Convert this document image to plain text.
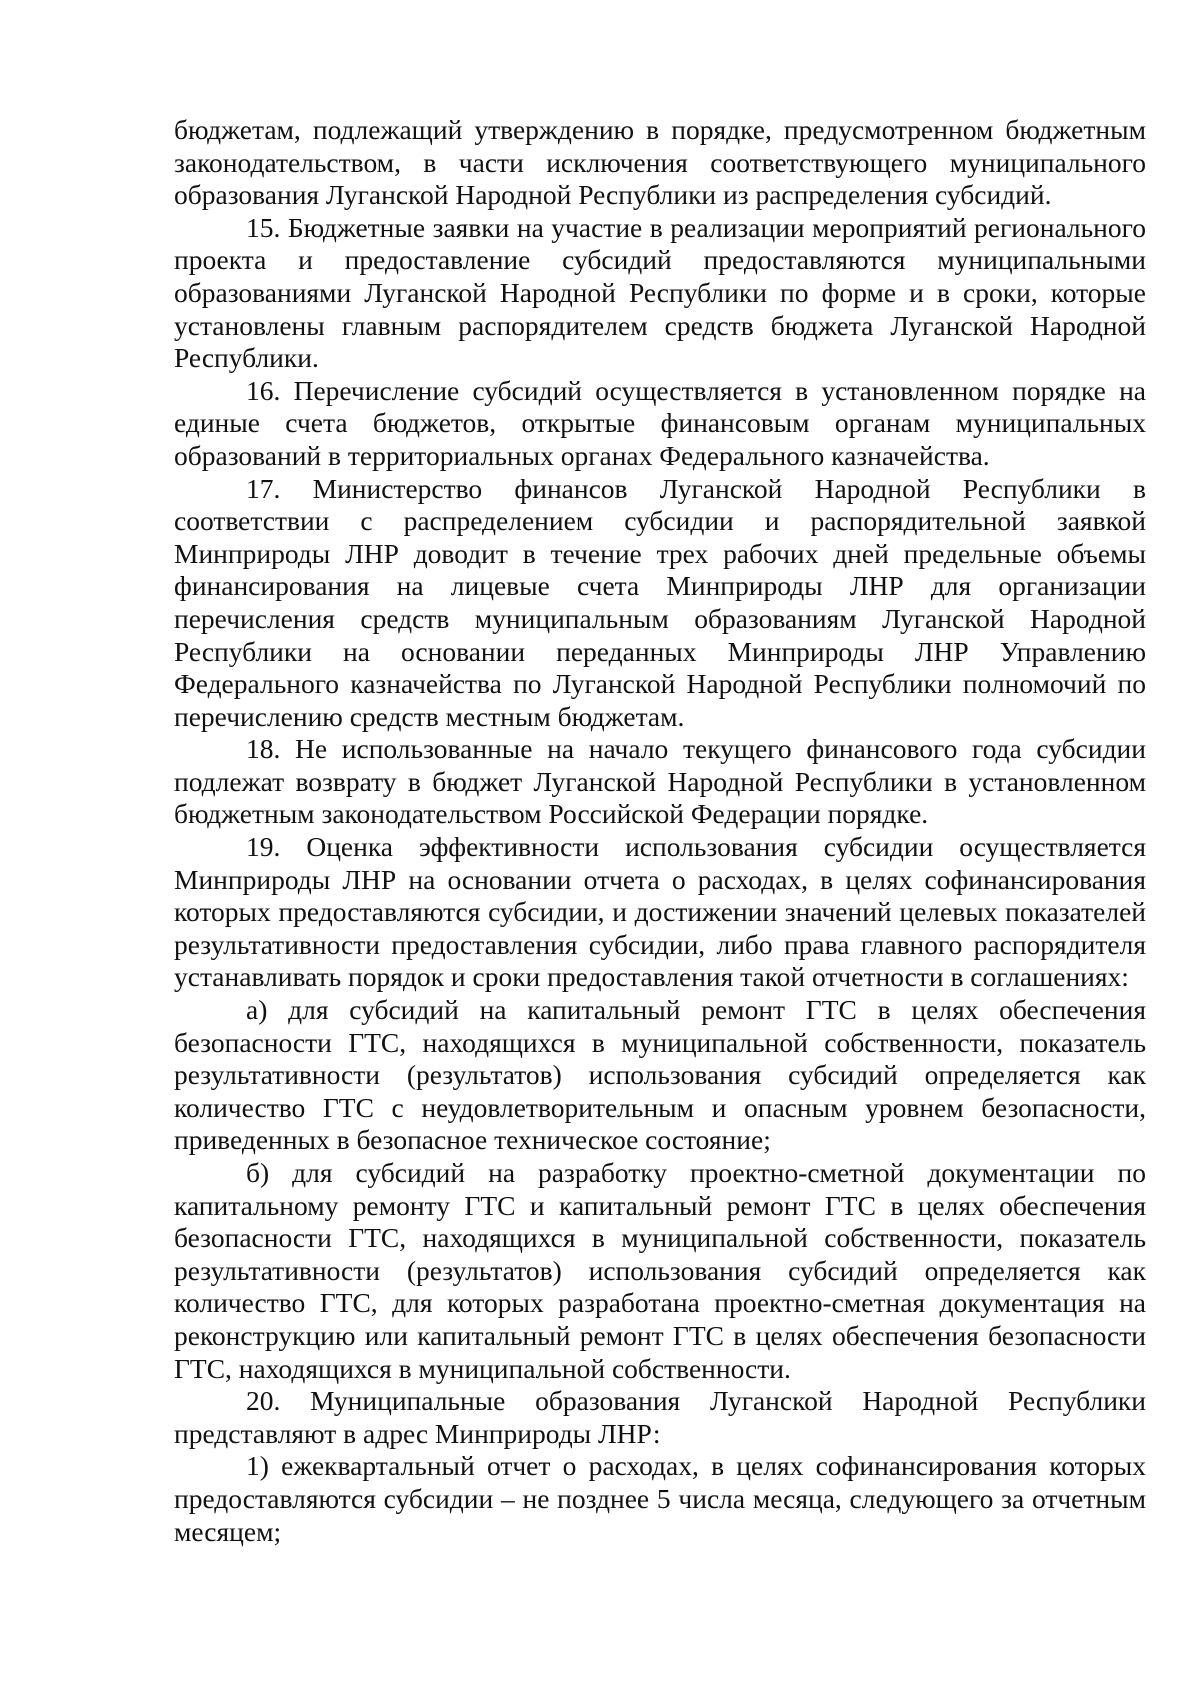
бюджетам, подлежащий утверждению в порядке, предусмотренном бюджетным законодательством, в части исключения соответствующего муниципального образования Луганской Народной Республики из распределения субсидий.

15. Бюджетные заявки на участие в реализации мероприятий регионального проекта и предоставление субсидий предоставляются муниципальными образованиями Луганской Народной Республики по форме и в сроки, которые установлены главным распорядителем средств бюджета Луганской Народной Республики.

16. Перечисление субсидий осуществляется в установленном порядке на единые счета бюджетов, открытые финансовым органам муниципальных образований в территориальных органах Федерального казначейства.

17. Министерство финансов Луганской Народной Республики в соответствии с распределением субсидии и распорядительной заявкой Минприроды ЛНР доводит в течение трех рабочих дней предельные объемы финансирования на лицевые счета Минприроды ЛНР для организации перечисления средств муниципальным образованиям Луганской Народной Республики на основании переданных Минприроды ЛНР Управлению Федерального казначейства по Луганской Народной Республики полномочий по перечислению средств местным бюджетам.

18. Не использованные на начало текущего финансового года субсидии подлежат возврату в бюджет Луганской Народной Республики в установленном бюджетным законодательством Российской Федерации порядке.

19. Оценка эффективности использования субсидии осуществляется Минприроды ЛНР на основании отчета о расходах, в целях софинансирования которых предоставляются субсидии, и достижении значений целевых показателей результативности предоставления субсидии, либо права главного распорядителя устанавливать порядок и сроки предоставления такой отчетности в соглашениях:

а) для субсидий на капитальный ремонт ГТС в целях обеспечения безопасности ГТС, находящихся в муниципальной собственности, показатель результативности (результатов) использования субсидий определяется как количество ГТС с неудовлетворительным и опасным уровнем безопасности, приведенных в безопасное техническое состояние;

б) для субсидий на разработку проектно-сметной документации по капитальному ремонту ГТС и капитальный ремонт ГТС в целях обеспечения безопасности ГТС, находящихся в муниципальной собственности, показатель результативности (результатов) использования субсидий определяется как количество ГТС, для которых разработана проектно-сметная документация на реконструкцию или капитальный ремонт ГТС в целях обеспечения безопасности ГТС, находящихся в муниципальной собственности.

20. Муниципальные образования Луганской Народной Республики представляют в адрес Минприроды ЛНР:

1) ежеквартальный отчет о расходах, в целях софинансирования которых предоставляются субсидии – не позднее 5 числа месяца, следующего за отчетным месяцем;
